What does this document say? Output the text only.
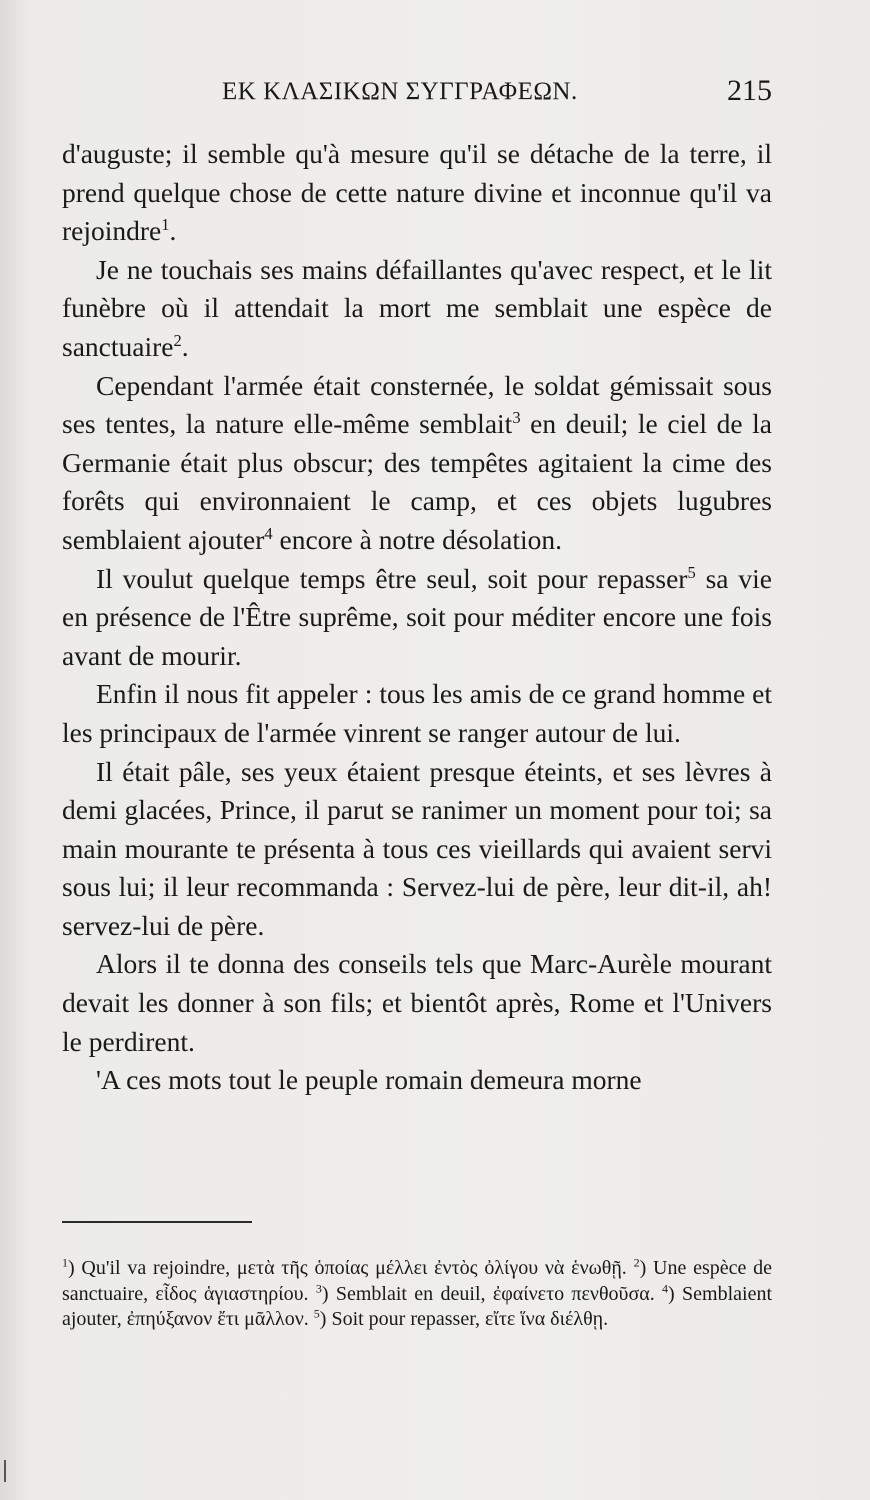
ΕΚ ΚΛΑΣΙΚΩΝ ΣΥΓΓΡΑΦΕΩΝ.	215

d'auguste; il semble qu'à mesure qu'il se détache de la terre, il prend quelque chose de cette nature divine et inconnue qu'il va rejoindre$^1$.

Je ne touchais ses mains défaillantes qu'avec respect, et le lit funèbre où il attendait la mort me semblait une espèce de sanctuaire$^2$.

Cependant l'armée était consternée, le soldat gémissait sous ses tentes, la nature elle-même semblait$^3$ en deuil; le ciel de la Germanie était plus obscur; des tempêtes agitaient la cime des forêts qui environnaient le camp, et ces objets lugubres semblaient ajouter$^4$ encore à notre désolation.

Il voulut quelque temps être seul, soit pour repasser$^5$ sa vie en présence de l'Être suprême, soit pour méditer encore une fois avant de mourir.

Enfin il nous fit appeler : tous les amis de ce grand homme et les principaux de l'armée vinrent se ranger autour de lui.

Il était pâle, ses yeux étaient presque éteints, et ses lèvres à demi glacées, Prince, il parut se ranimer un moment pour toi; sa main mourante te présenta à tous ces vieillards qui avaient servi sous lui; il leur recommanda : Servez-lui de père, leur dit-il, ah! servez-lui de père.

Alors il te donna des conseils tels que Marc-Aurèle mourant devait les donner à son fils; et bientôt après, Rome et l'Univers le perdirent.

'A ces mots tout le peuple romain demeura morne

$^1$) Qu'il va rejoindre, μετὰ τῆς ὁποίας μέλλει ἐντὸς ὀλίγου νὰ ἑνωθῇ. $^2$) Une espèce de sanctuaire, εἶδος ἁγιαστηρίου. $^3$) Semblait en deuil, ἐφαίνετο πενθοῦσα. $^4$) Semblaient ajouter, ἐπηύξανον ἔτι μᾶλλον. $^5$) Soit pour repasser, εἴτε ἵνα διέλθῃ.
